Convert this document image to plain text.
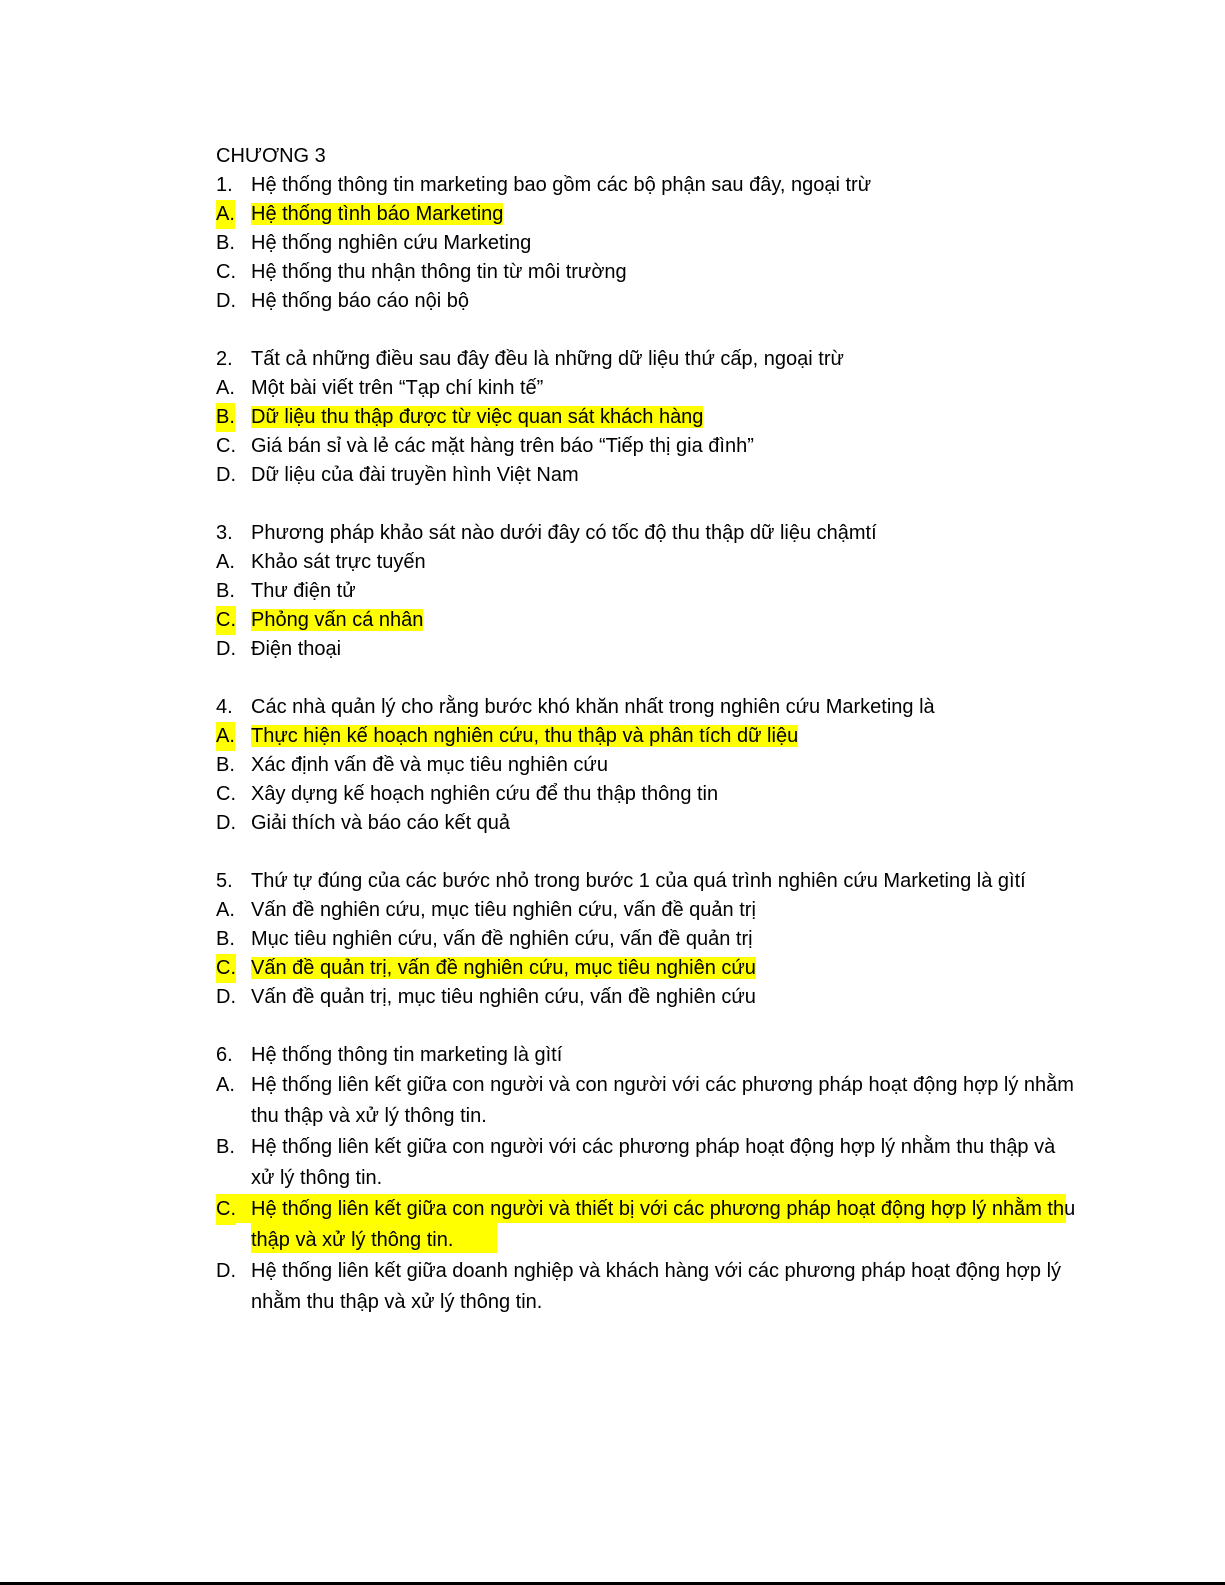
CHƯƠNG 3
1. Hệ thống thông tin marketing bao gồm các bộ phận sau đây, ngoại trừ
A. Hệ thống tình báo Marketing
B. Hệ thống nghiên cứu Marketing
C. Hệ thống thu nhận thông tin từ môi trường
D. Hệ thống báo cáo nội bộ
2. Tất cả những điều sau đây đều là những dữ liệu thứ cấp, ngoại trừ
A. Một bài viết trên “Tạp chí kinh tế”
B. Dữ liệu thu thập được từ việc quan sát khách hàng
C. Giá bán sỉ và lẻ các mặt hàng trên báo “Tiếp thị gia đình”
D. Dữ liệu của đài truyền hình Việt Nam
3. Phương pháp khảo sát nào dưới đây có tốc độ thu thập dữ liệu chậmtí
A. Khảo sát trực tuyến
B. Thư điện tử
C. Phỏng vấn cá nhân
D. Điện thoại
4. Các nhà quản lý cho rằng bước khó khăn nhất trong nghiên cứu Marketing là
A. Thực hiện kế hoạch nghiên cứu, thu thập và phân tích dữ liệu
B. Xác định vấn đề và mục tiêu nghiên cứu
C. Xây dựng kế hoạch nghiên cứu để thu thập thông tin
D. Giải thích và báo cáo kết quả
5. Thứ tự đúng của các bước nhỏ trong bước 1 của quá trình nghiên cứu Marketing là gìtí
A. Vấn đề nghiên cứu, mục tiêu nghiên cứu, vấn đề quản trị
B. Mục tiêu nghiên cứu, vấn đề nghiên cứu, vấn đề quản trị
C. Vấn đề quản trị, vấn đề nghiên cứu, mục tiêu nghiên cứu
D. Vấn đề quản trị, mục tiêu nghiên cứu, vấn đề nghiên cứu
6. Hệ thống thông tin marketing là gìtí
A. Hệ thống liên kết giữa con người và con người với các phương pháp hoạt động hợp lý nhằm thu thập và xử lý thông tin.
B. Hệ thống liên kết giữa con người với các phương pháp hoạt động hợp lý nhằm thu thập và xử lý thông tin.
C. Hệ thống liên kết giữa con người và thiết bị với các phương pháp hoạt động hợp lý nhằm thu thập và xử lý thông tin.
D. Hệ thống liên kết giữa doanh nghiệp và khách hàng với các phương pháp hoạt động hợp lý nhằm thu thập và xử lý thông tin.
